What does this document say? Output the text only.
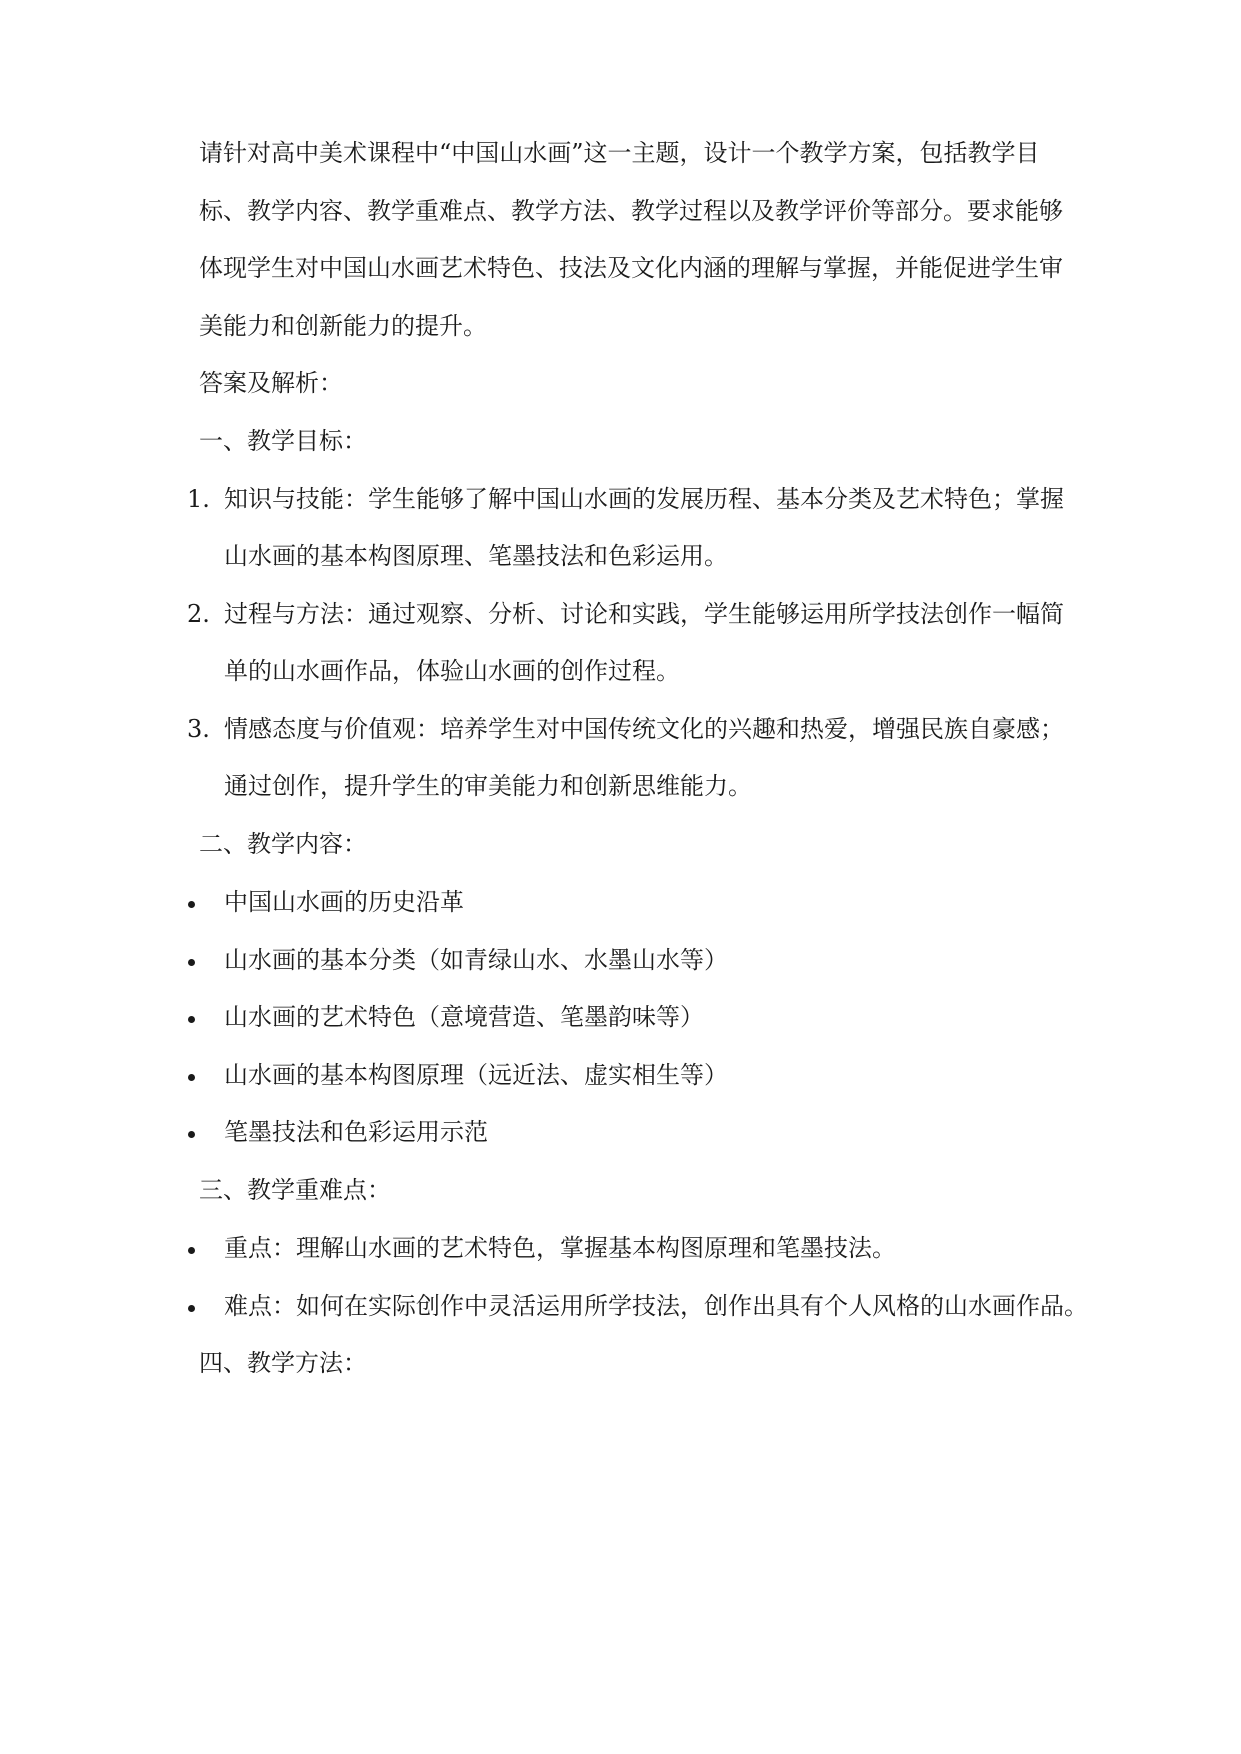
请针对高中美术课程中“中国山水画”这一主题，设计一个教学方案，包括教学目
标、教学内容、教学重难点、教学方法、教学过程以及教学评价等部分。要求能够
体现学生对中国山水画艺术特色、技法及文化内涵的理解与掌握，并能促进学生审
美能力和创新能力的提升。
答案及解析：
一、教学目标：
1. 知识与技能：学生能够了解中国山水画的发展历程、基本分类及艺术特色；掌握
山水画的基本构图原理、笔墨技法和色彩运用。
2. 过程与方法：通过观察、分析、讨论和实践，学生能够运用所学技法创作一幅简
单的山水画作品，体验山水画的创作过程。
3. 情感态度与价值观：培养学生对中国传统文化的兴趣和热爱，增强民族自豪感；
通过创作，提升学生的审美能力和创新思维能力。
二、教学内容：
中国山水画的历史沿革
山水画的基本分类（如青绿山水、水墨山水等）
山水画的艺术特色（意境营造、笔墨韵味等）
山水画的基本构图原理（远近法、虚实相生等）
笔墨技法和色彩运用示范
三、教学重难点：
重点：理解山水画的艺术特色，掌握基本构图原理和笔墨技法。
难点：如何在实际创作中灵活运用所学技法，创作出具有个人风格的山水画作品。
四、教学方法：
